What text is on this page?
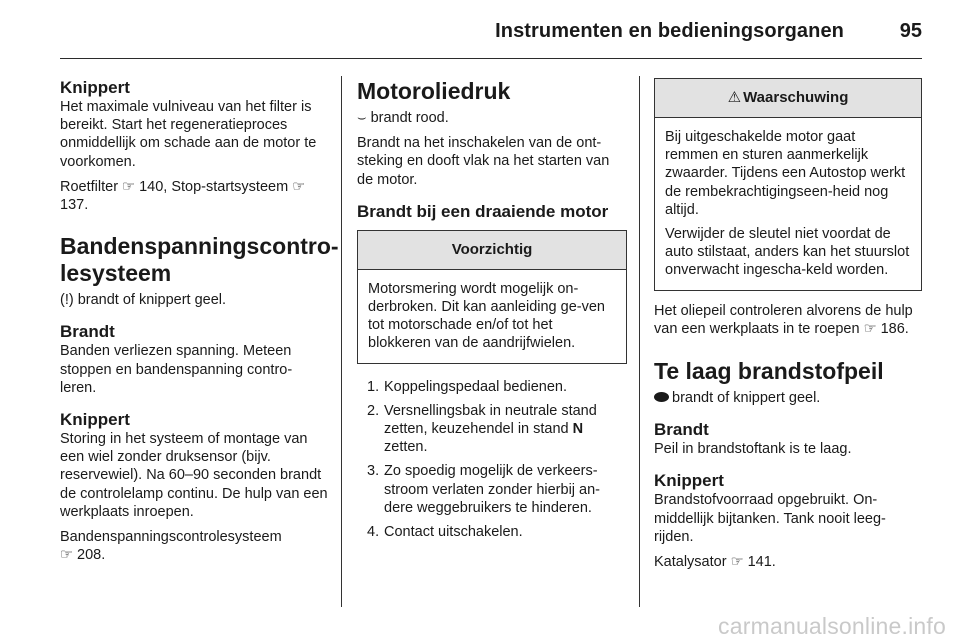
Instrumenten en bedieningsorganen	95
Knippert

Het maximale vulniveau van het filter is bereikt. Start het regeneratieproces onmiddellijk om schade aan de motor te voorkomen.

Roetfilter ☞ 140, Stop-startsysteem ☞ 137.

Bandenspanningscontro-
lesysteem

(!) brandt of knippert geel.

Brandt

Banden verliezen spanning. Meteen stoppen en bandenspanning contro-leren.

Knippert

Storing in het systeem of montage van een wiel zonder druksensor (bijv. reservewiel). Na 60–90 seconden brandt de controlelamp continu. De hulp van een werkplaats inroepen.

Bandenspanningscontrolesysteem
☞ 208.

Motoroliedruk

⌣ brandt rood.

Brandt na het inschakelen van de ont-steking en dooft vlak na het starten van de motor.

Brandt bij een draaiende motor
Voorzichtig

Motorsmering wordt mogelijk on-derbroken. Dit kan aanleiding ge-ven tot motorschade en/of tot het blokkeren van de aandrijfwielen.

1. Koppelingspedaal bedienen.
2. Versnellingsbak in neutrale stand zetten, keuzehendel in stand N zetten.
3. Zo spoedig mogelijk de verkeers-stroom verlaten zonder hierbij an-dere weggebruikers te hinderen.
4. Contact uitschakelen.
⚠ Waarschuwing

Bij uitgeschakelde motor gaat remmen en sturen aanmerkelijk zwaarder. Tijdens een Autostop werkt de rembekrachtigingseen-heid nog altijd.

Verwijder de sleutel niet voordat de auto stilstaat, anders kan het stuurslot onverwacht ingescha-keld worden.

Het oliepeil controleren alvorens de hulp van een werkplaats in te roepen ☞ 186.

Te laag brandstofpeil

brandt of knippert geel.

Brandt

Peil in brandstoftank is te laag.

Knippert

Brandstofvoorraad opgebruikt. On-middellijk bijtanken. Tank nooit leeg-rijden.

Katalysator ☞ 141.

carmanualsonline.info
